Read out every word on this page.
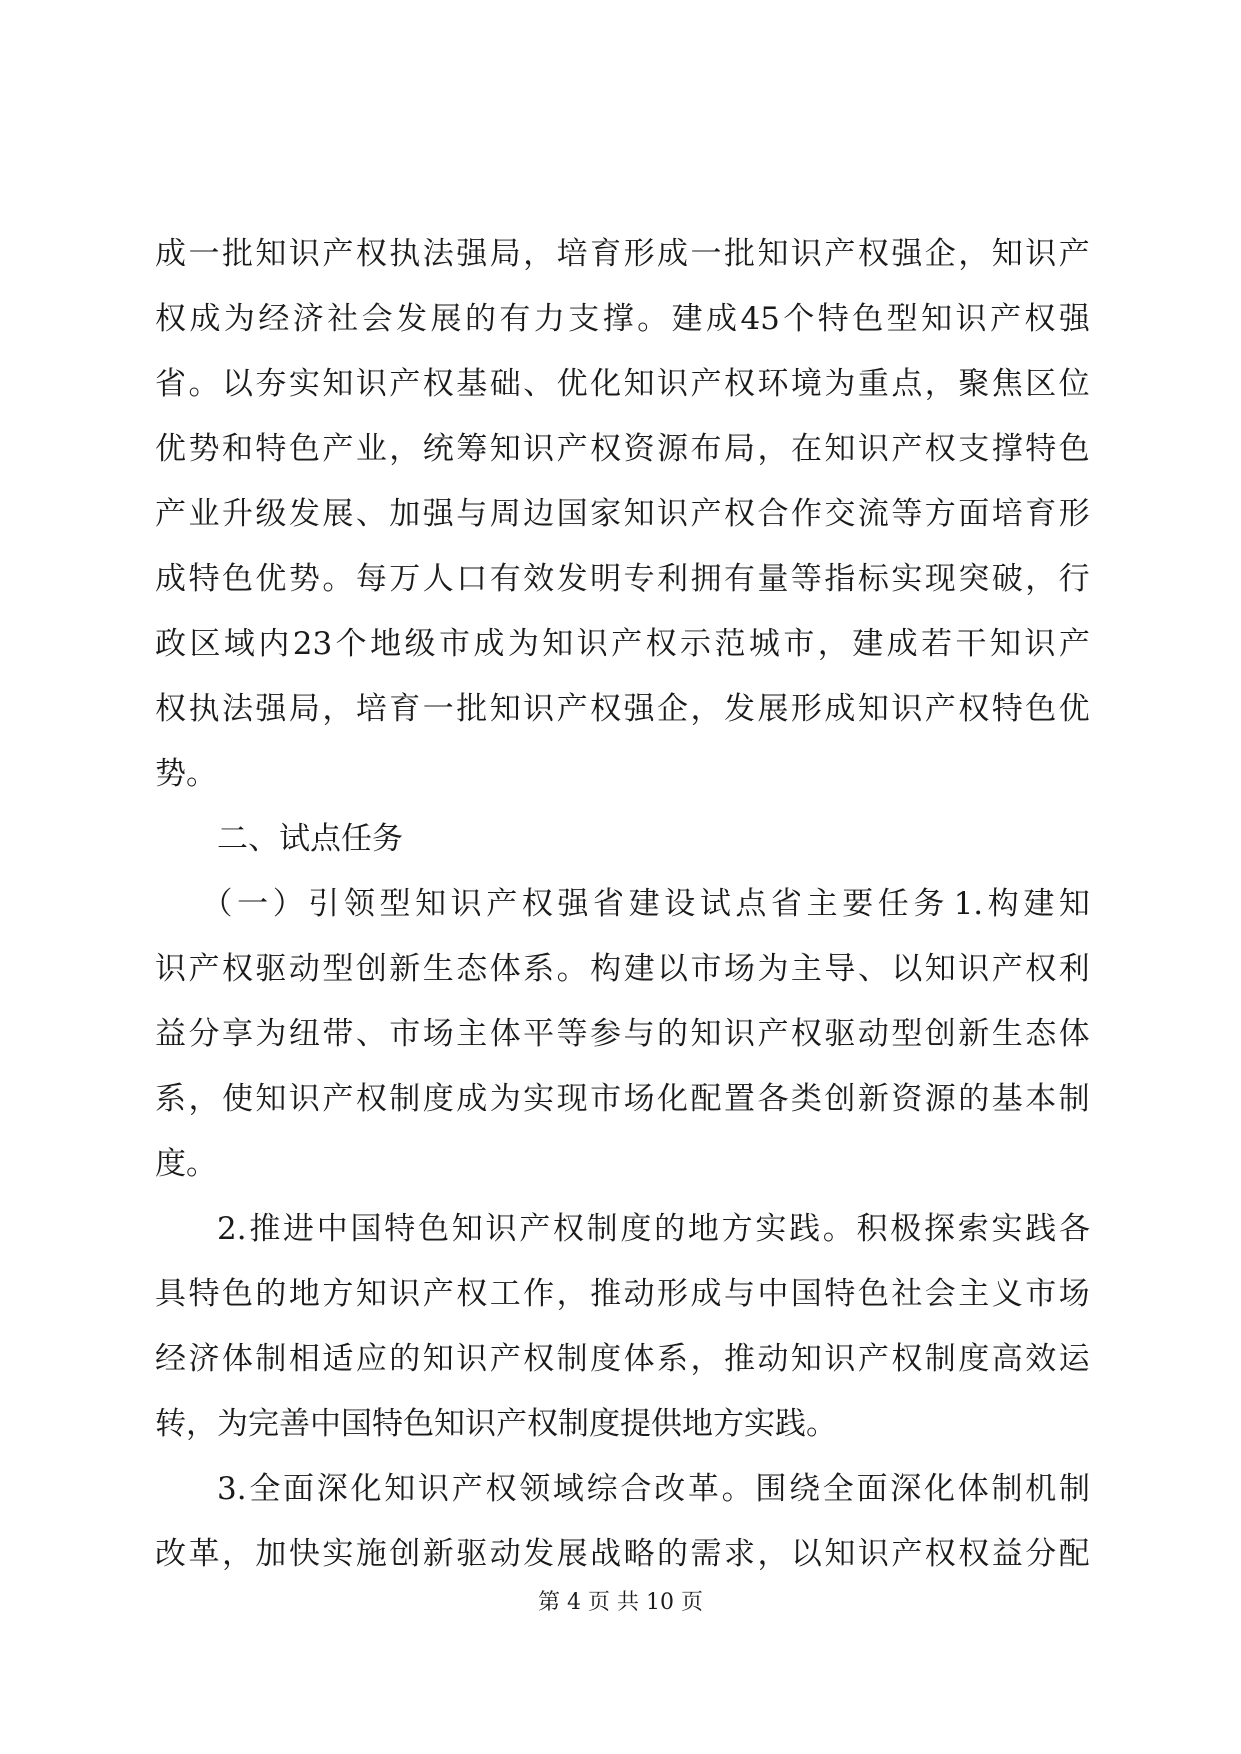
成 一 批 知 识 产 权 执 法 强 局 ， 培 育 形 成 一 批 知 识 产 权 强 企 ， 知 识 产
权 成 为 经 济 社 会 发 展 的 有 力 支 撑 。 建 成 45 个 特 色 型 知 识 产 权 强
省 。 以 夯 实 知 识 产 权 基 础 、 优 化 知 识 产 权 环 境 为 重 点 ， 聚 焦 区 位
优 势 和 特 色 产 业 ， 统 筹 知 识 产 权 资 源 布 局 ， 在 知 识 产 权 支 撑 特 色
产 业 升 级 发 展 、 加 强 与 周 边 国 家 知 识 产 权 合 作 交 流 等 方 面 培 育 形
成 特 色 优 势 。 每 万 人 口 有 效 发 明 专 利 拥 有 量 等 指 标 实 现 突 破 ， 行
政 区 域 内 23 个 地 级 市 成 为 知 识 产 权 示 范 城 市 ， 建 成 若 干 知 识 产
权 执 法 强 局 ， 培 育 一 批 知 识 产 权 强 企 ， 发 展 形 成 知 识 产 权 特 色 优
势。
　　二、试点任务
（ 一 ） 引 领 型 知 识 产 权 强 省 建 设 试 点 省 主 要 任 务 1. 构 建 知
识 产 权 驱 动 型 创 新 生 态 体 系 。 构 建 以 市 场 为 主 导 、 以 知 识 产 权 利
益 分 享 为 纽 带 、 市 场 主 体 平 等 参 与 的 知 识 产 权 驱 动 型 创 新 生 态 体
系 ， 使 知 识 产 权 制 度 成 为 实 现 市 场 化 配 置 各 类 创 新 资 源 的 基 本 制
度。
2. 推 进 中 国 特 色 知 识 产 权 制 度 的 地 方 实 践 。 积 极 探 索 实 践 各
具 特 色 的 地 方 知 识 产 权 工 作 ， 推 动 形 成 与 中 国 特 色 社 会 主 义 市 场
经 济 体 制 相 适 应 的 知 识 产 权 制 度 体 系 ， 推 动 知 识 产 权 制 度 高 效 运
转，为完善中国特色知识产权制度提供地方实践。
3. 全 面 深 化 知 识 产 权 领 域 综 合 改 革 。 围 绕 全 面 深 化 体 制 机 制
改 革 ， 加 快 实 施 创 新 驱 动 发 展 战 略 的 需 求 ， 以 知 识 产 权 权 益 分 配
第 4 页 共 10 页
